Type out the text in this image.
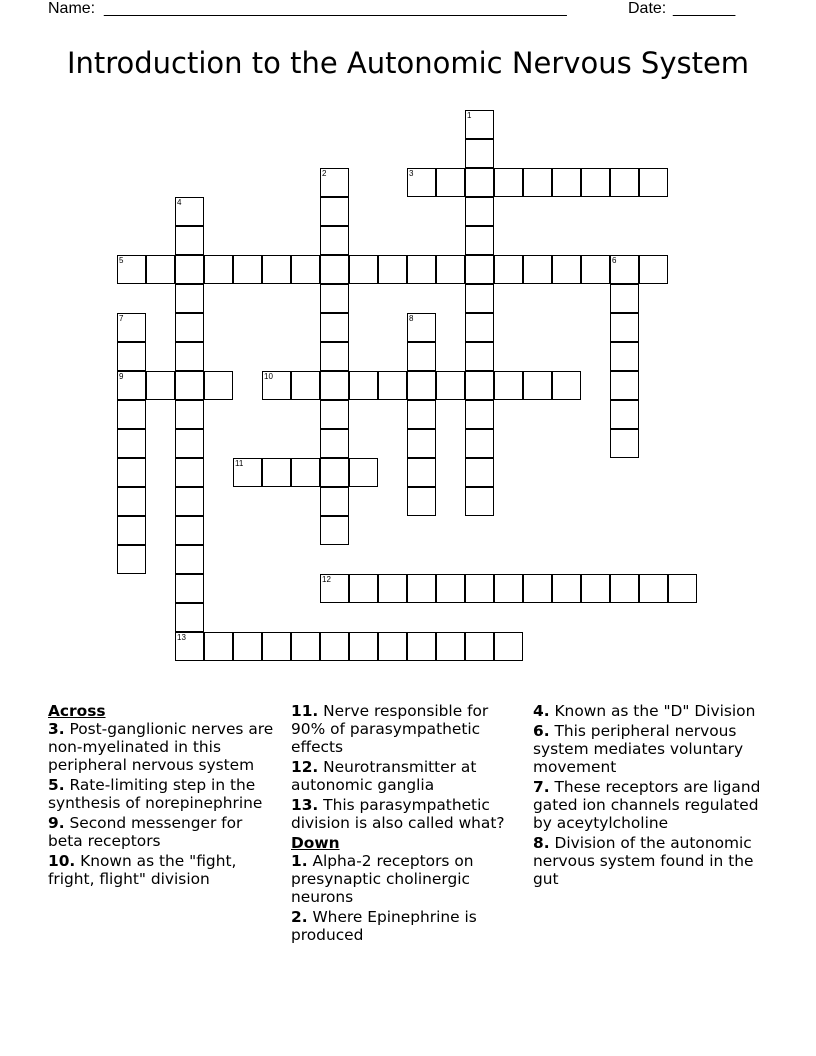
Name: ____________________________________________________	Date: _______
Introduction to the Autonomic Nervous System
1
2	3
4
5	6
7
9
8
10
11
12
13
Across
3. Post-ganglionic nerves are non-myelinated in this peripheral nervous system
5. Rate-limiting step in the synthesis of norepinephrine
9. Second messenger for beta receptors
10. Known as the "fight, fright, flight" division
11. Nerve responsible for 90% of parasympathetic effects
12. Neurotransmitter at autonomic ganglia
13. This parasympathetic division is also called what?
Down
1. Alpha-2 receptors on presynaptic cholinergic neurons
2. Where Epinephrine is produced
4. Known as the "D" Division
6. This peripheral nervous system mediates voluntary movement
7. These receptors are ligand gated ion channels regulated by aceytylcholine
8. Division of the autonomic nervous system found in the gut
